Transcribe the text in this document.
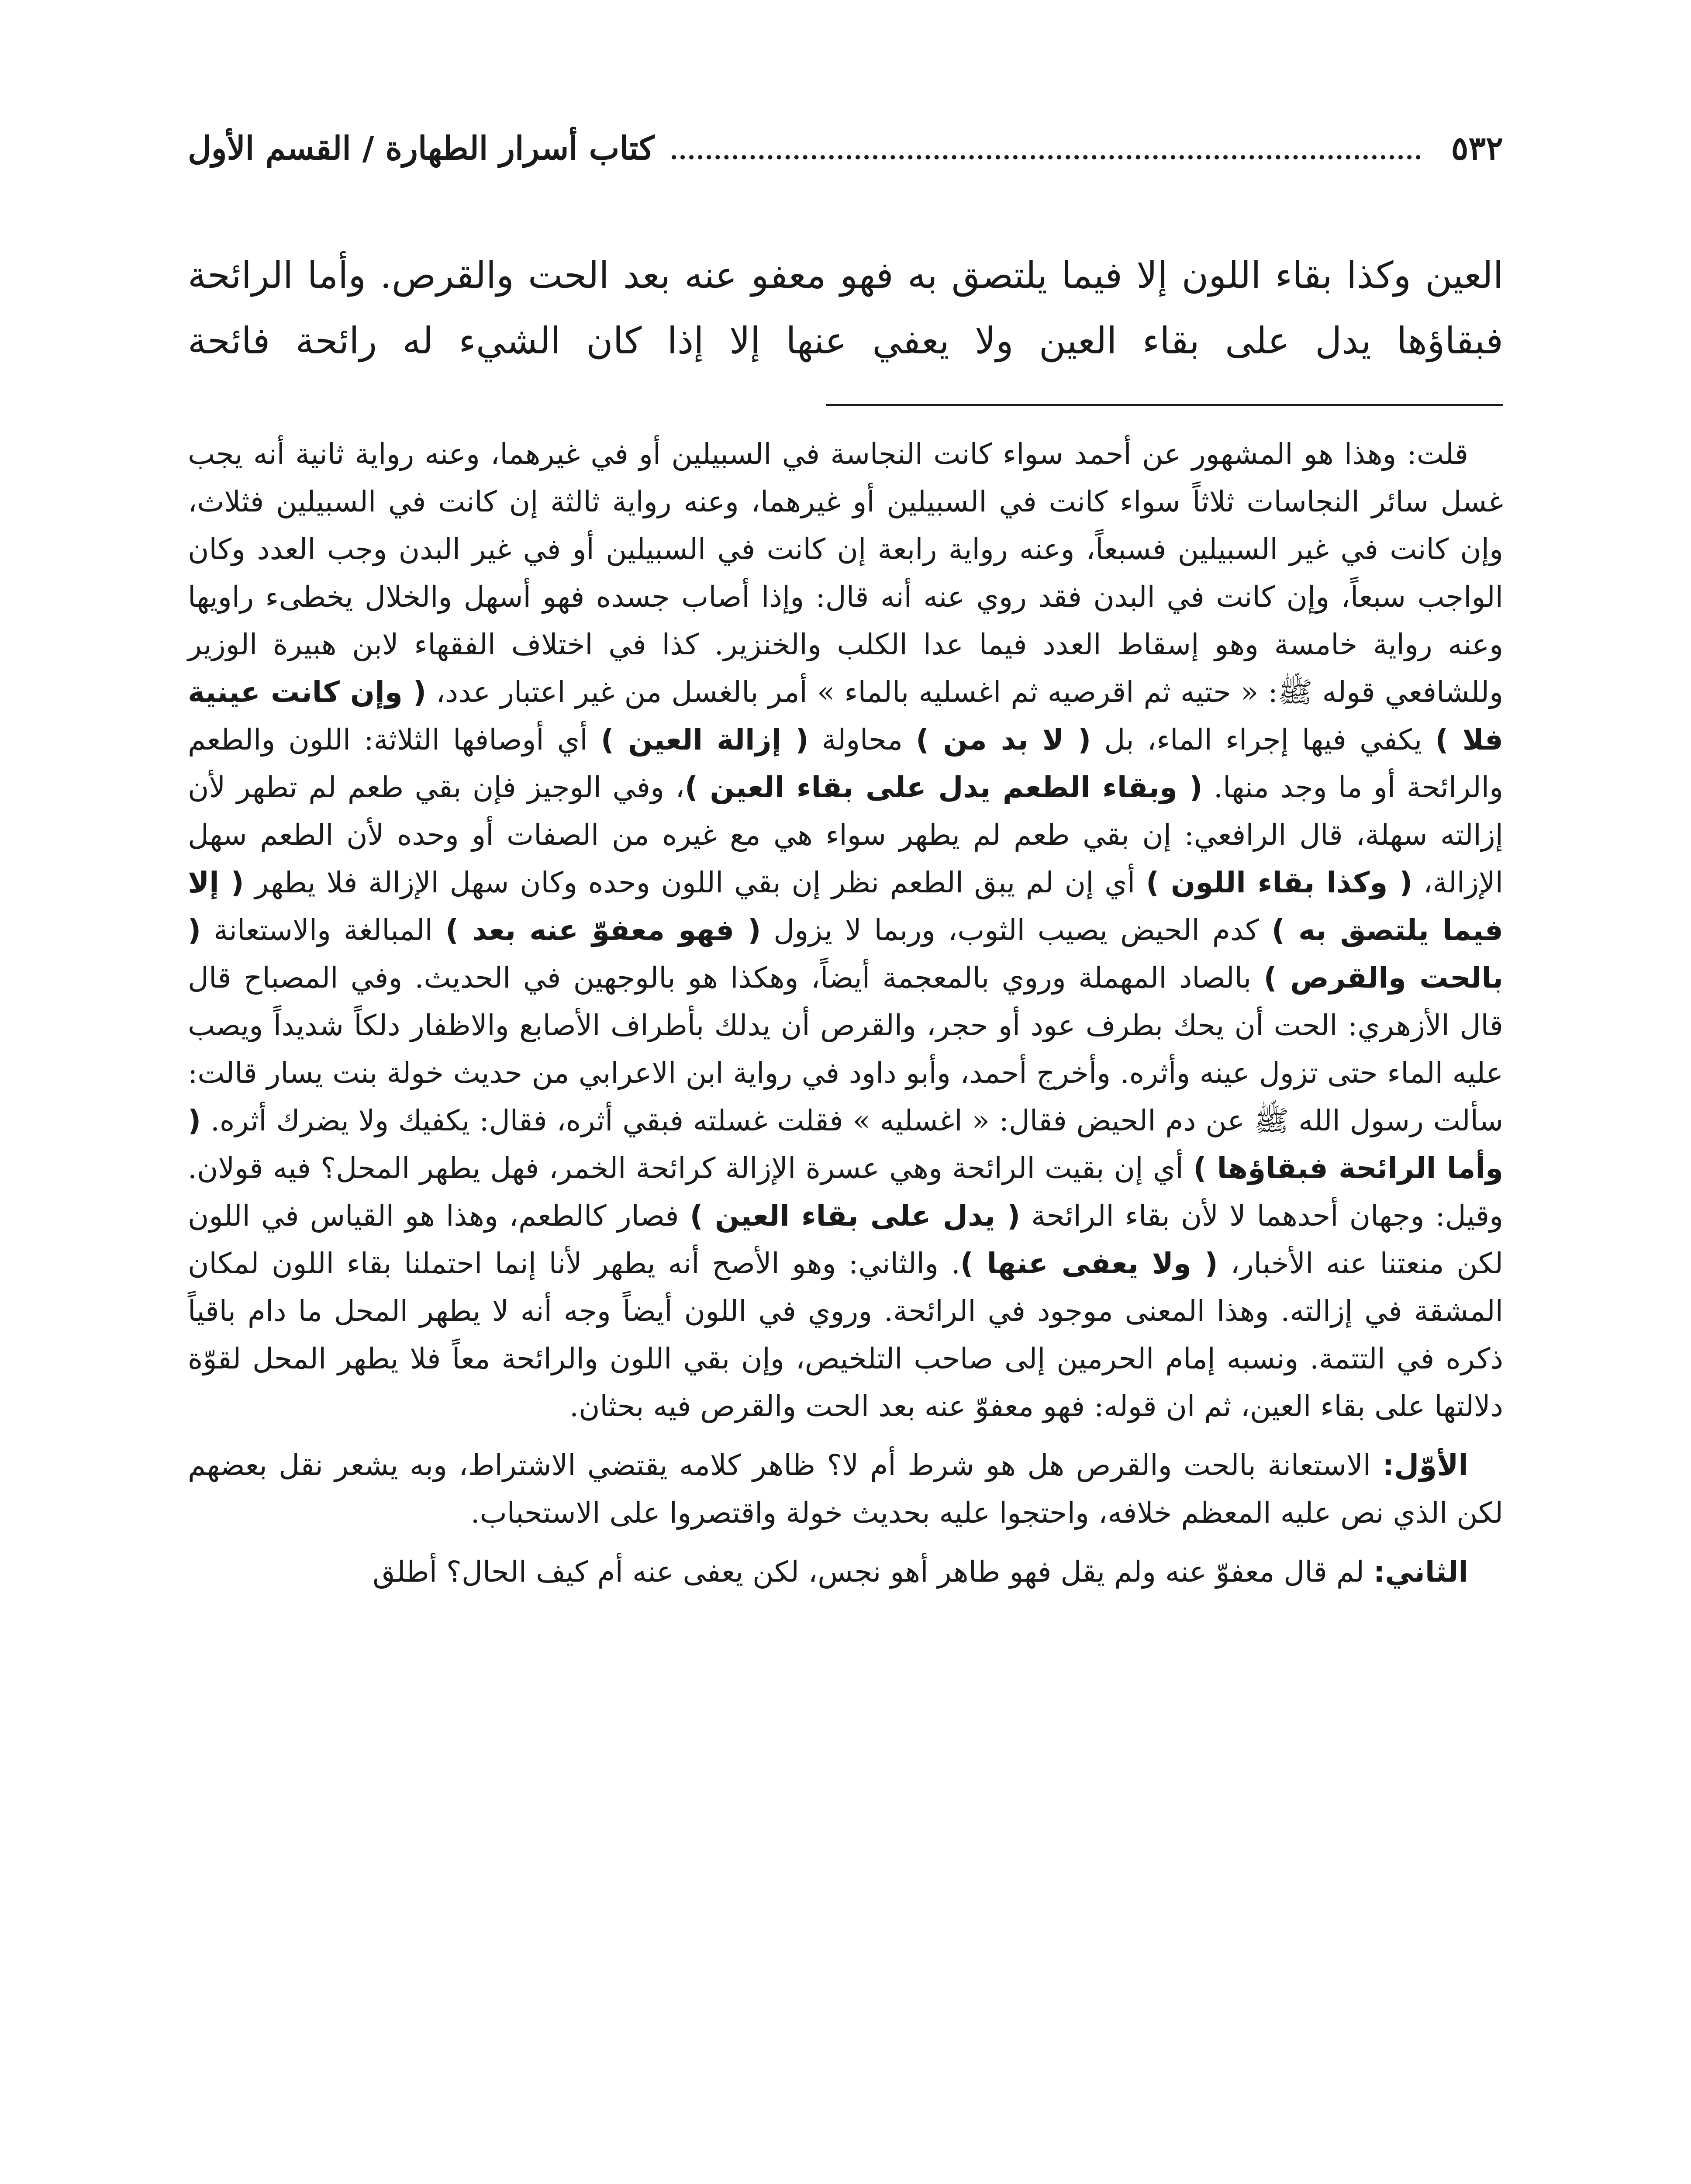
٥٣٢
كتاب أسرار الطهارة / القسم الأول

العين وكذا بقاء اللون إلا فيما يلتصق به فهو معفو عنه بعد الحت والقرص. وأما الرائحة فبقاؤها يدل على بقاء العين ولا يعفي عنها إلا إذا كان الشيء له رائحة فائحة

قلت: وهذا هو المشهور عن أحمد سواء كانت النجاسة في السبيلين أو في غيرهما، وعنه رواية ثانية أنه يجب غسل سائر النجاسات ثلاثاً سواء كانت في السبيلين أو غيرهما، وعنه رواية ثالثة إن كانت في السبيلين فثلاث، وإن كانت في غير السبيلين فسبعاً، وعنه رواية رابعة إن كانت في السبيلين أو في غير البدن وجب العدد وكان الواجب سبعاً، وإن كانت في البدن فقد روي عنه أنه قال: وإذا أصاب جسده فهو أسهل والخلال يخطىء راويها وعنه رواية خامسة وهو إسقاط العدد فيما عدا الكلب والخنزير. كذا في اختلاف الفقهاء لابن هبيرة الوزير وللشافعي قوله ﷺ: « حتيه ثم اقرصيه ثم اغسليه بالماء » أمر بالغسل من غير اعتبار عدد، ( وإن كانت عينية فلا ) يكفي فيها إجراء الماء، بل ( لا بد من ) محاولة ( إزالة العين ) أي أوصافها الثلاثة: اللون والطعم والرائحة أو ما وجد منها. ( وبقاء الطعم يدل على بقاء العين )، وفي الوجيز فإن بقي طعم لم تطهر لأن إزالته سهلة، قال الرافعي: إن بقي طعم لم يطهر سواء هي مع غيره من الصفات أو وحده لأن الطعم سهل الإزالة، ( وكذا بقاء اللون ) أي إن لم يبق الطعم نظر إن بقي اللون وحده وكان سهل الإزالة فلا يطهر ( إلا فيما يلتصق به ) كدم الحيض يصيب الثوب، وربما لا يزول ( فهو معفوّ عنه بعد ) المبالغة والاستعانة ( بالحت والقرص ) بالصاد المهملة وروي بالمعجمة أيضاً، وهكذا هو بالوجهين في الحديث. وفي المصباح قال قال الأزهري: الحت أن يحك بطرف عود أو حجر، والقرص أن يدلك بأطراف الأصابع والاظفار دلكاً شديداً ويصب عليه الماء حتى تزول عينه وأثره. وأخرج أحمد، وأبو داود في رواية ابن الاعرابي من حديث خولة بنت يسار قالت: سألت رسول الله ﷺ عن دم الحيض فقال: « اغسليه » فقلت غسلته فبقي أثره، فقال: يكفيك ولا يضرك أثره. ( وأما الرائحة فبقاؤها ) أي إن بقيت الرائحة وهي عسرة الإزالة كرائحة الخمر، فهل يطهر المحل؟ فيه قولان. وقيل: وجهان أحدهما لا لأن بقاء الرائحة ( يدل على بقاء العين ) فصار كالطعم، وهذا هو القياس في اللون لكن منعتنا عنه الأخبار، ( ولا يعفى عنها ). والثاني: وهو الأصح أنه يطهر لأنا إنما احتملنا بقاء اللون لمكان المشقة في إزالته. وهذا المعنى موجود في الرائحة. وروي في اللون أيضاً وجه أنه لا يطهر المحل ما دام باقياً ذكره في التتمة. ونسبه إمام الحرمين إلى صاحب التلخيص، وإن بقي اللون والرائحة معاً فلا يطهر المحل لقوّة دلالتها على بقاء العين، ثم ان قوله: فهو معفوّ عنه بعد الحت والقرص فيه بحثان.

الأوّل: الاستعانة بالحت والقرص هل هو شرط أم لا؟ ظاهر كلامه يقتضي الاشتراط، وبه يشعر نقل بعضهم لكن الذي نص عليه المعظم خلافه، واحتجوا عليه بحديث خولة واقتصروا على الاستحباب.

الثاني: لم قال معفوّ عنه ولم يقل فهو طاهر أهو نجس، لكن يعفى عنه أم كيف الحال؟ أطلق
